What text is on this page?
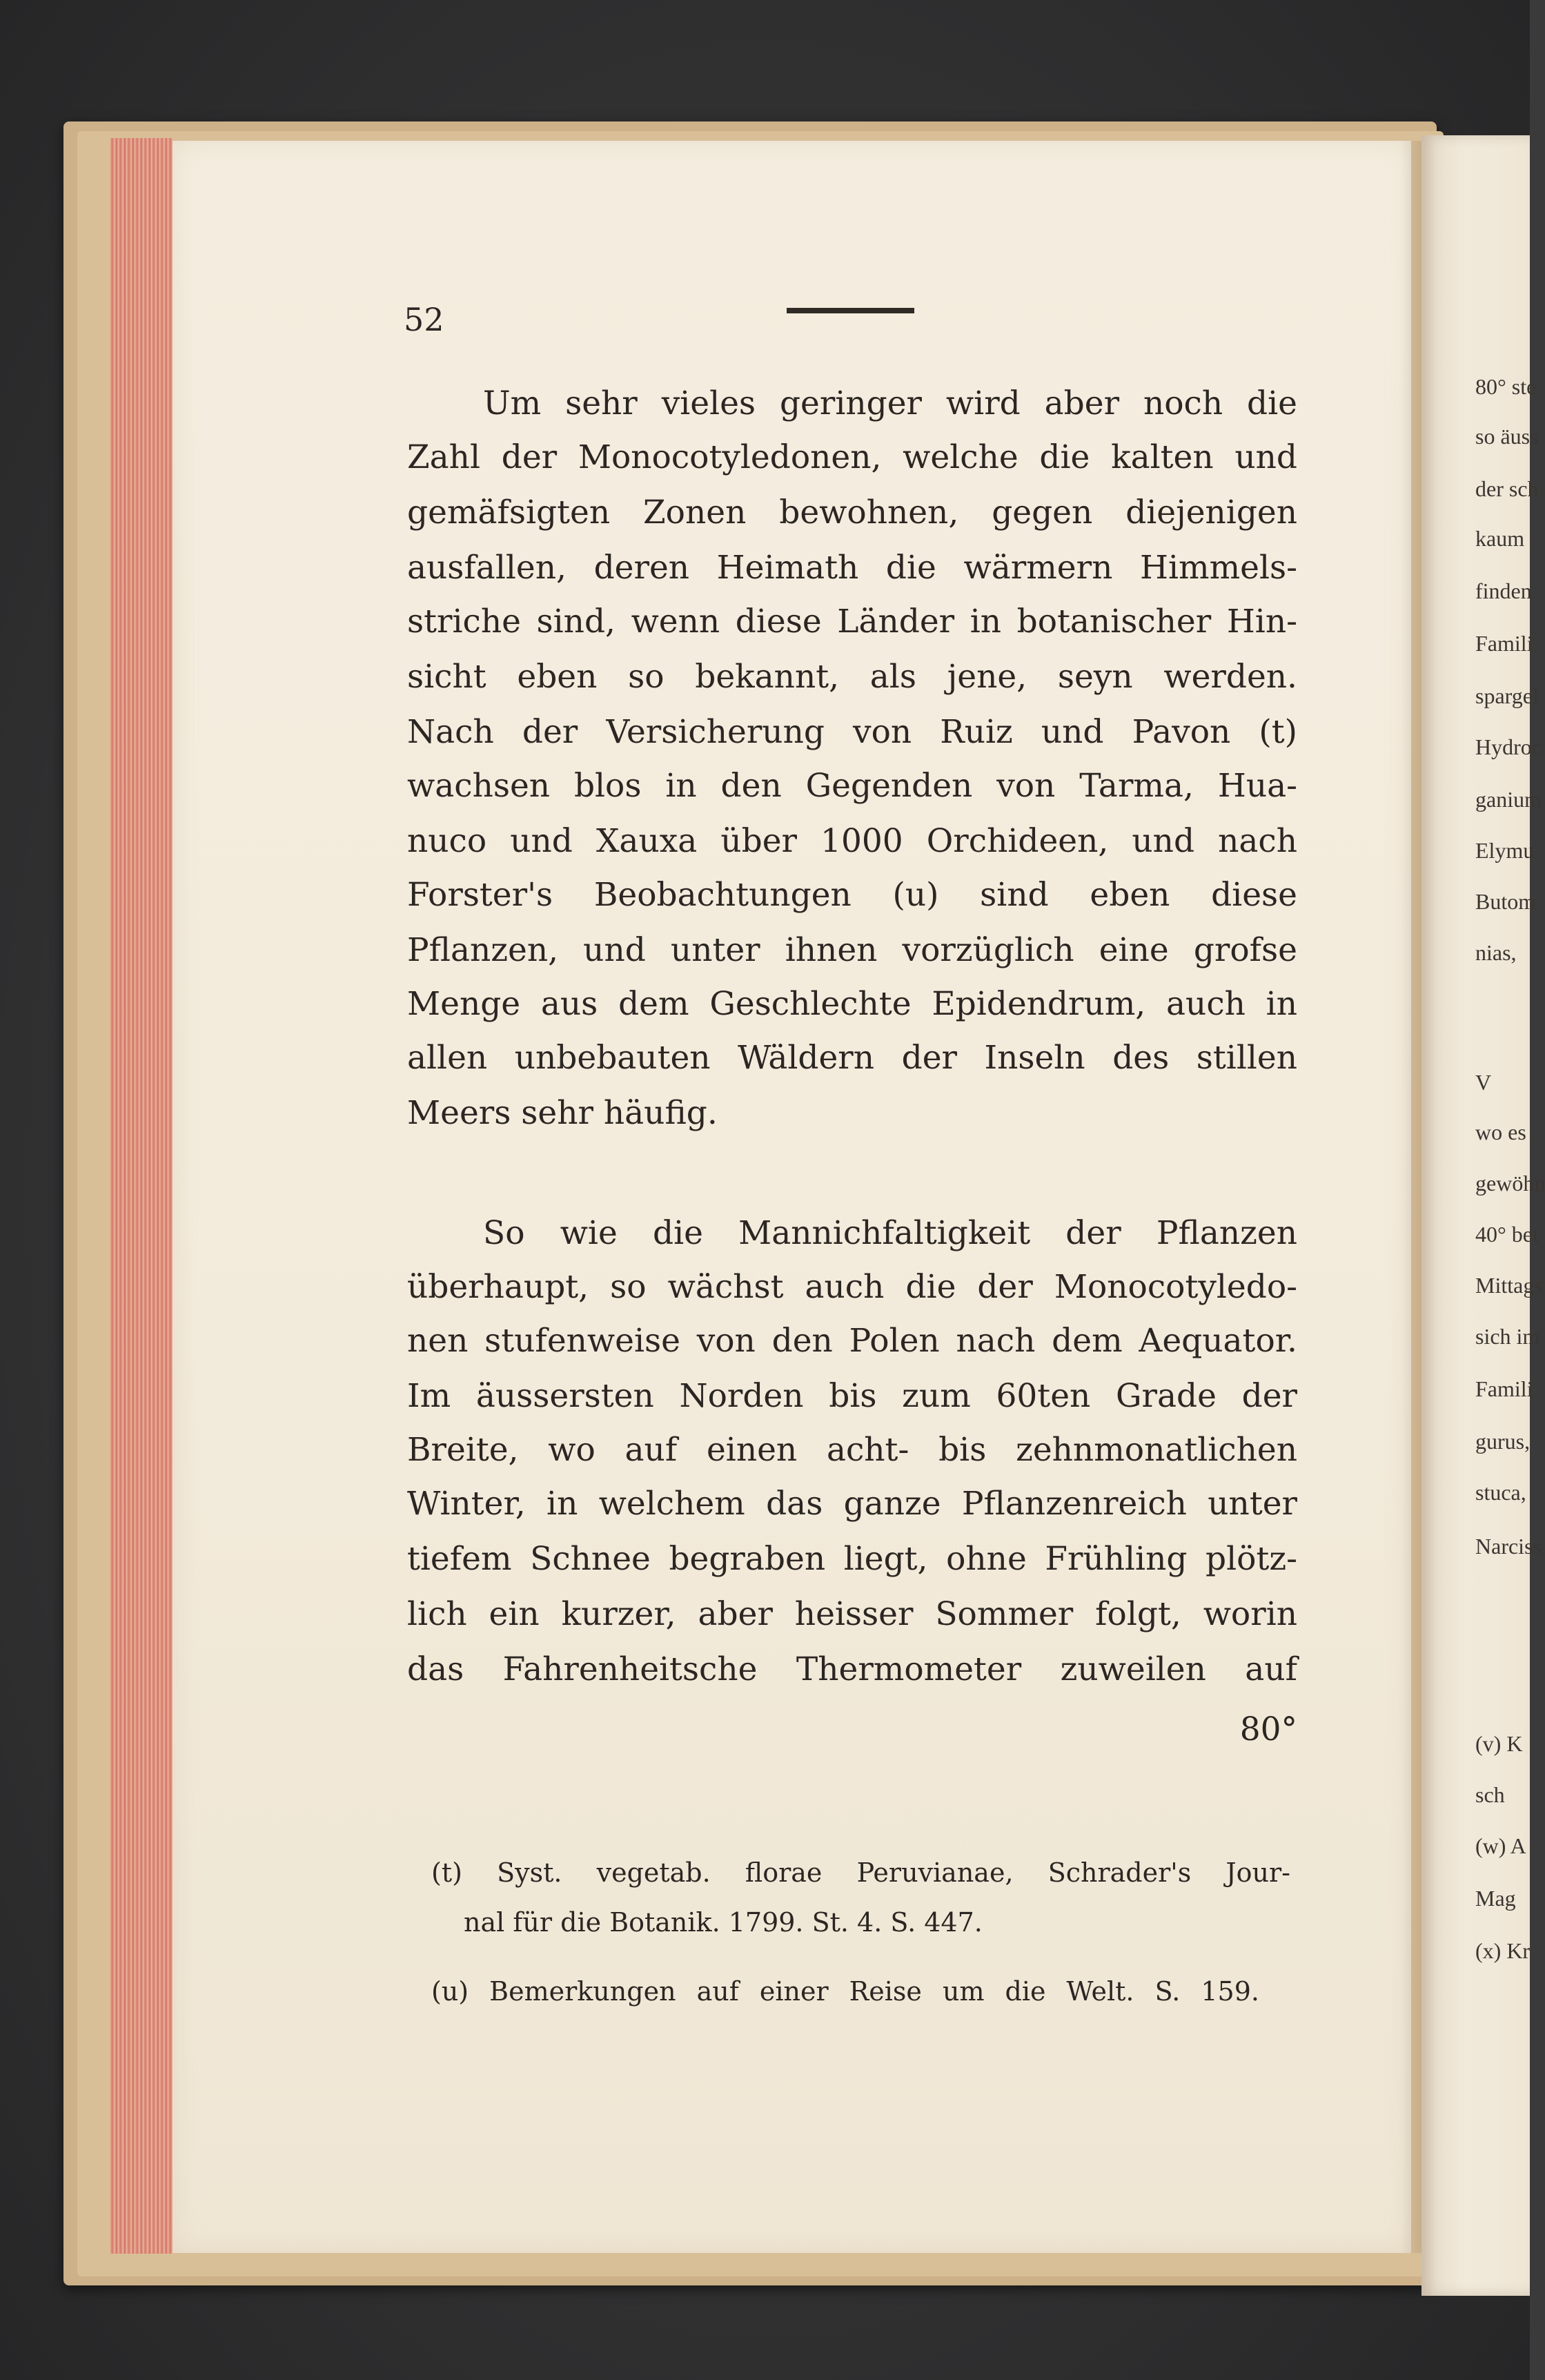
80° ste
so äuss
der sch
kaum
finden
Famili
spargel
Hydroc
ganium
Elymu
Butom
nias,
V
wo es
gewöhn
40° bet
Mittags
sich im
Famili
gurus,
stuca,
Narciss
(v) K
sch
(w) A
Mag
(x) Kr
52
Um sehr vieles geringer wird aber noch die
Zahl der Monocotyledonen, welche die kalten und
gemäfsigten Zonen bewohnen, gegen diejenigen
ausfallen, deren Heimath die wärmern Himmels-
striche sind, wenn diese Länder in botanischer Hin-
sicht eben so bekannt, als jene, seyn werden.
Nach der Versicherung von Ruiz und Pavon (t)
wachsen blos in den Gegenden von Tarma, Hua-
nuco und Xauxa über 1000 Orchideen, und nach
Forster's Beobachtungen (u) sind eben diese
Pflanzen, und unter ihnen vorzüglich eine grofse
Menge aus dem Geschlechte Epidendrum, auch in
allen unbebauten Wäldern der Inseln des stillen
Meers sehr häufig.
So wie die Mannichfaltigkeit der Pflanzen
überhaupt, so wächst auch die der Monocotyledo-
nen stufenweise von den Polen nach dem Aequator.
Im äussersten Norden bis zum 60ten Grade der
Breite, wo auf einen acht- bis zehnmonatlichen
Winter, in welchem das ganze Pflanzenreich unter
tiefem Schnee begraben liegt, ohne Frühling plötz-
lich ein kurzer, aber heisser Sommer folgt, worin
das Fahrenheitsche Thermometer zuweilen auf
80°
(t) Syst. vegetab. florae Peruvianae, Schrader's Jour-
nal für die Botanik. 1799. St. 4. S. 447.
(u) Bemerkungen auf einer Reise um die Welt. S. 159.
